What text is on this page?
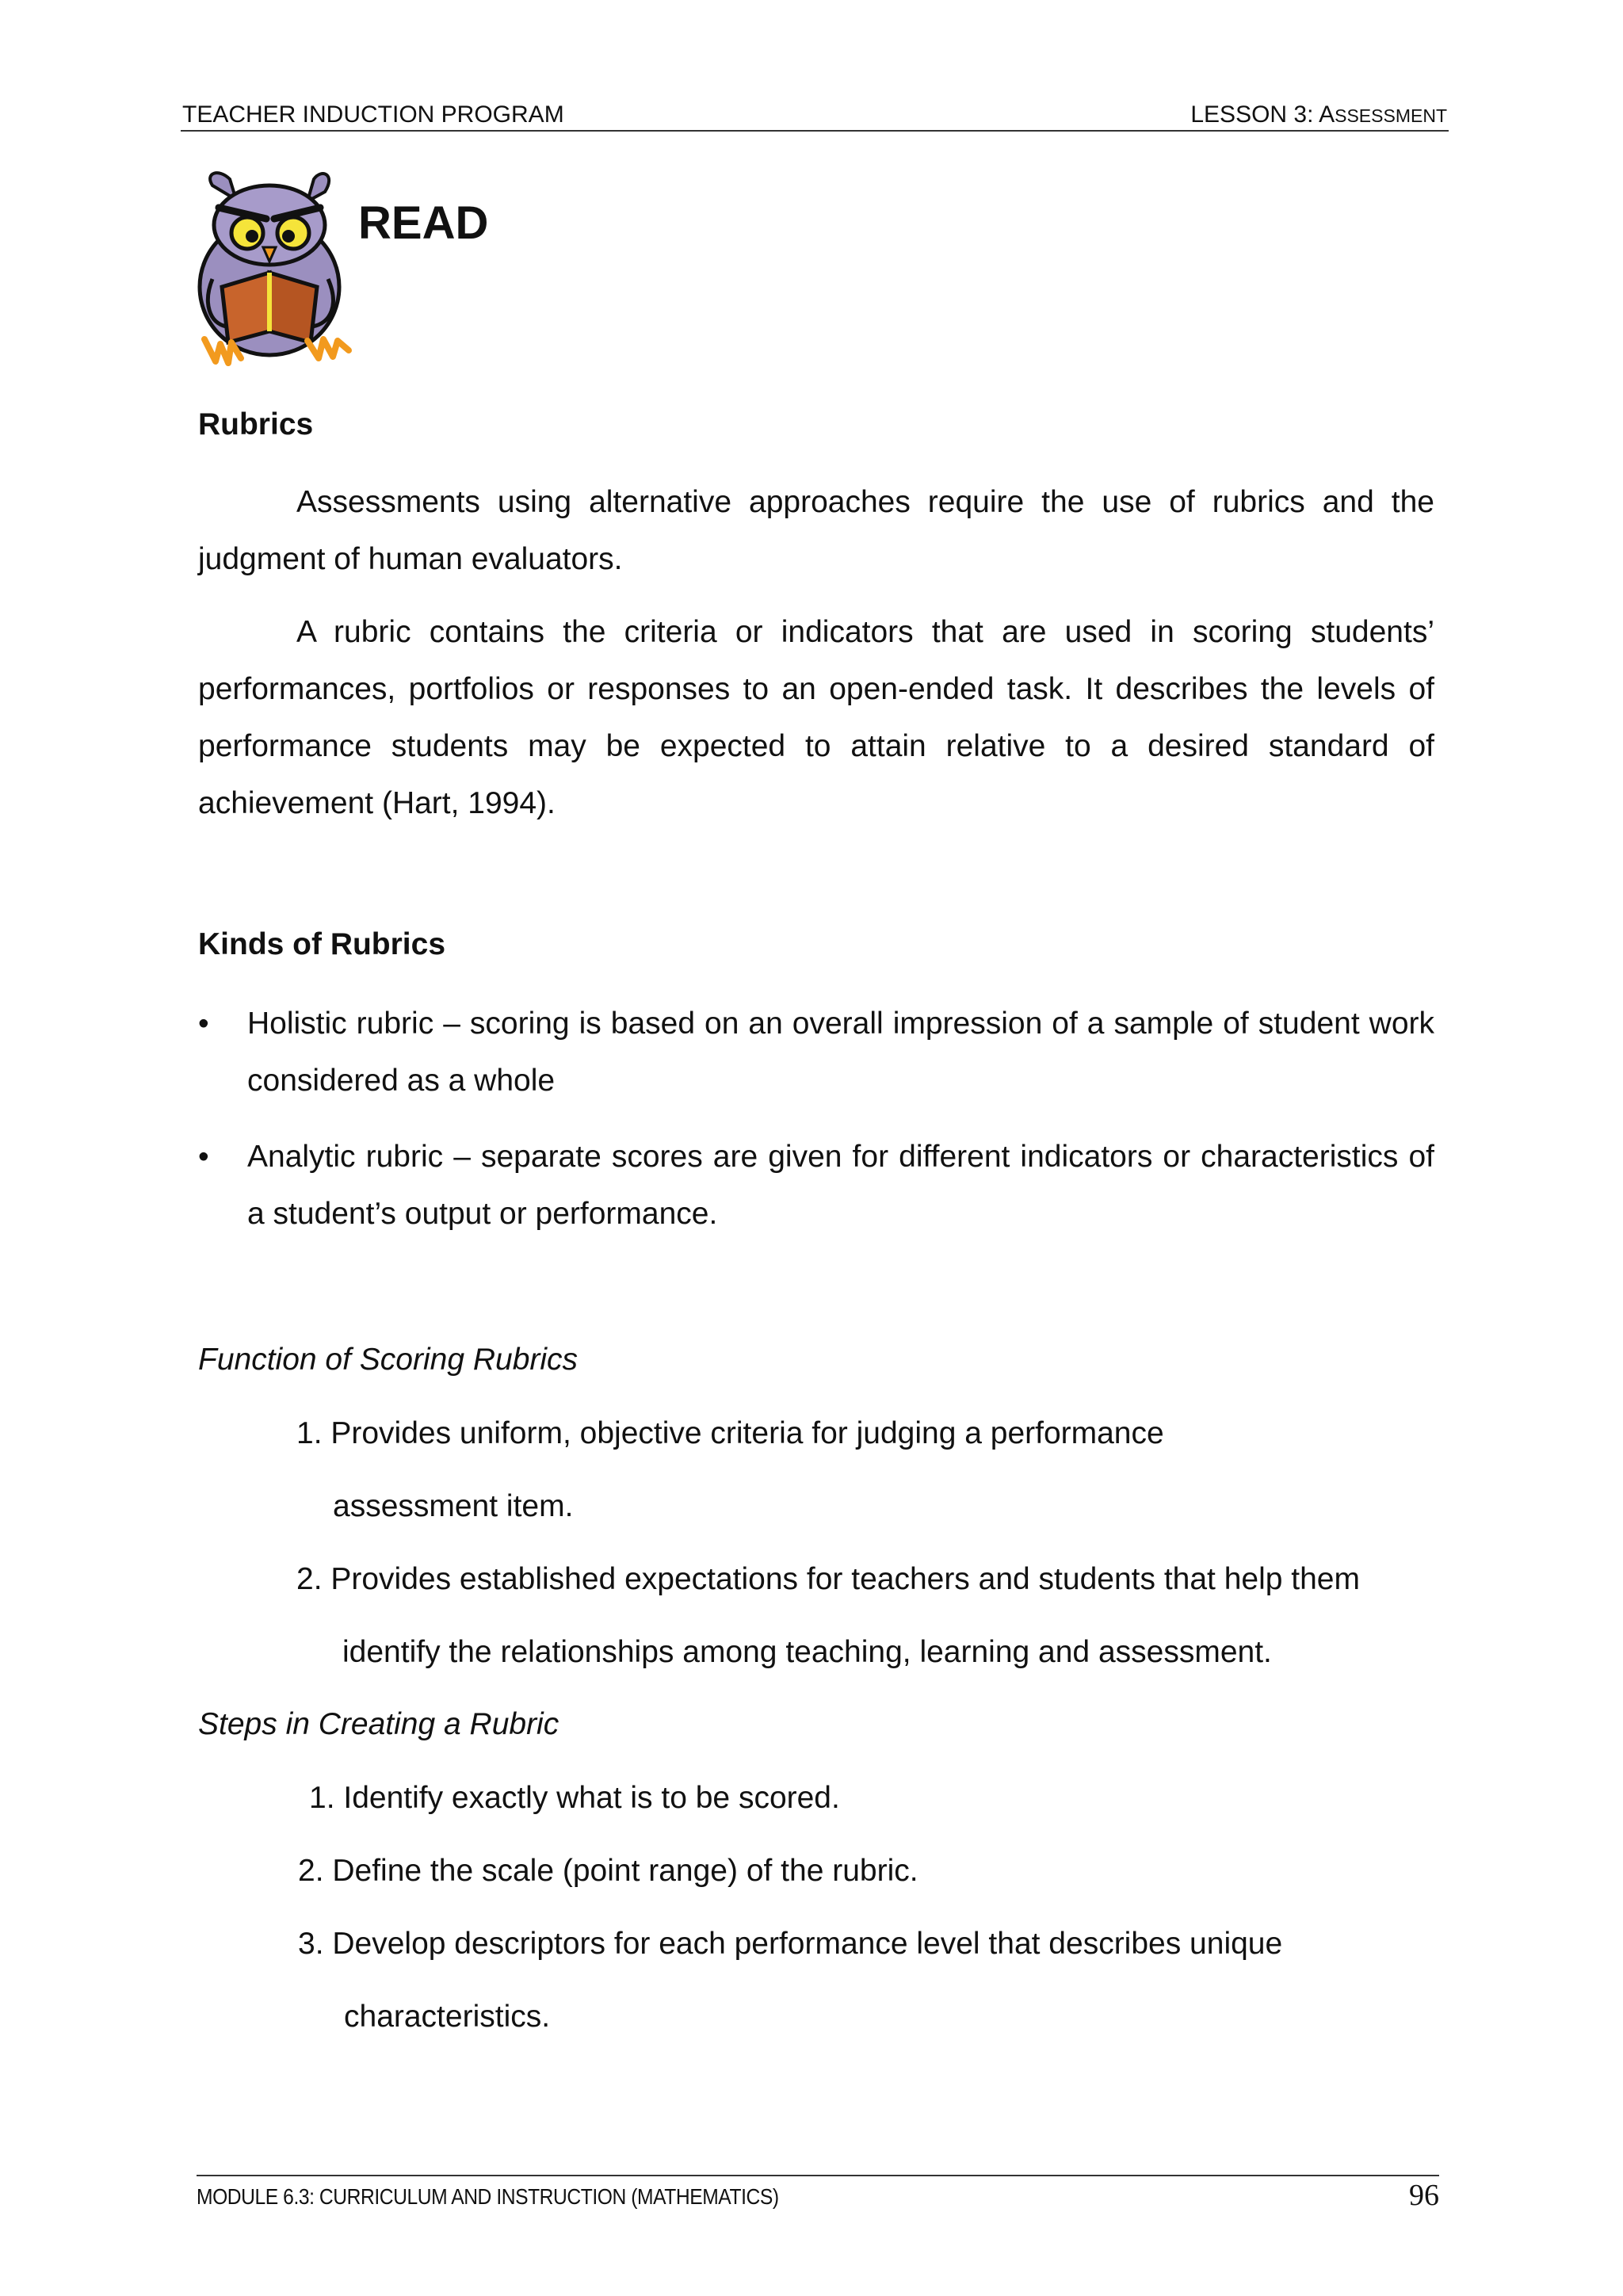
TEACHER INDUCTION PROGRAM	LESSON 3: ASSESSMENT
READ
Rubrics

Assessments using alternative approaches require the use of rubrics and the judgment of human evaluators.

A rubric contains the criteria or indicators that are used in scoring students’ performances, portfolios or responses to an open-ended task. It describes the levels of performance students may be expected to attain relative to a desired standard of achievement (Hart, 1994).

Kinds of Rubrics
•	Holistic rubric – scoring is based on an overall impression of a sample of student work considered as a whole
•	Analytic rubric – separate scores are given for different indicators or characteristics of a student’s output or performance.
Function of Scoring Rubrics
1. Provides uniform, objective criteria for judging a performance
assessment item.
2. Provides established expectations for teachers and students that help them
identify the relationships among teaching, learning and assessment.
Steps in Creating a Rubric
1. Identify exactly what is to be scored.
2. Define the scale (point range) of the rubric.
3. Develop descriptors for each performance level that describes unique
characteristics.
MODULE 6.3: CURRICULUM AND INSTRUCTION (MATHEMATICS)	96
